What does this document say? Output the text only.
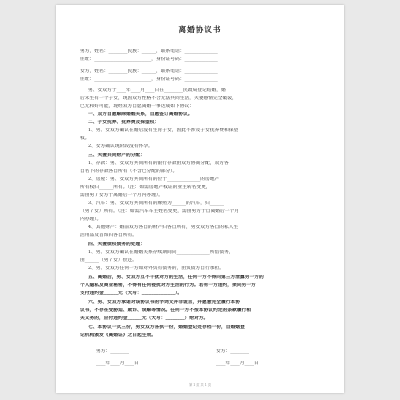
离婚协议书
男方，姓名：________民族：______，联系电话：______________
住址：________________________，身份证号码：______________
女方，姓名：________民族：______，联系电话：______________
住址：________________________，身份证号码：______________
男、女双方于____年____月____日在________民政局登记结婚，婚
后未生有一个子女，现因双方性格不合无法共同生活，夫妻感情完全破裂，
已无和好可能，现经双方自愿离婚一事达成如下协议：
一、双方自愿解除婚姻关系，自愿签订离婚协议。
二、子女抚养、抚养费及探望权：
1、男、女双方确认在婚后没有生育子女，因此不涉及子女抚养费和探望
权。
2、女方确认现阶段没有怀孕。
三、夫妻共同财产的分配：
1、存款：男、女双方共同所有的银行存款由双方协商分配，双方各
自名下的存款各自所有（不含已分配的部分）。
2、房屋：男、女双方共同所有的位于______________的房地产
所有权归______所有。（注：如需房地产权证的业主转名变更，
需由男 / 女方于离婚后一个月内办理）。
3、汽车：男、女双方共同所有的牌照为______的汽车，归______
（男 / 女）所有。（注：如需汽车车主姓名变更，需由男方于自离婚后一个月
内办理）。
4、其他财产：婚前双方各自的财产归各自所有，男女双方各自的私人生
活用品及首饰归各自所有。
四、夫妻债权债务的处理：
1、男、女双方确认在婚姻关系存续期间向______________所借债务，
由______（男 / 女）偿还。
2、男、女双方任何一方如对外负有债务的，由负债方自行承担。
五、离婚后，男、女双方互不干扰对方的生活，任何一方不得向第三方泄露另一方的
个人隐私及商业秘密，不得有任何侵扰对方生活的行为。若有一方违约，须向另一方
支付违约金______元（大写：______________）。
六、男、女双方承诺对该协议书的字词文并非谎言，并愿意完全履行本协
议书，不存在受胁迫、欺诈、误解等情况。任何一方不按本协议约定的条款履行相
关义务的，应付违约金______元（大写：________）给对方。
七、本协议一式三份，男女双方各执一份，婚姻登记处存档一份，自婚姻登
记机构颁发《离婚证》之日起生效。
男方：________	女方：________
____年____月____日	____年____月____日
第 1 页 共 1 页
